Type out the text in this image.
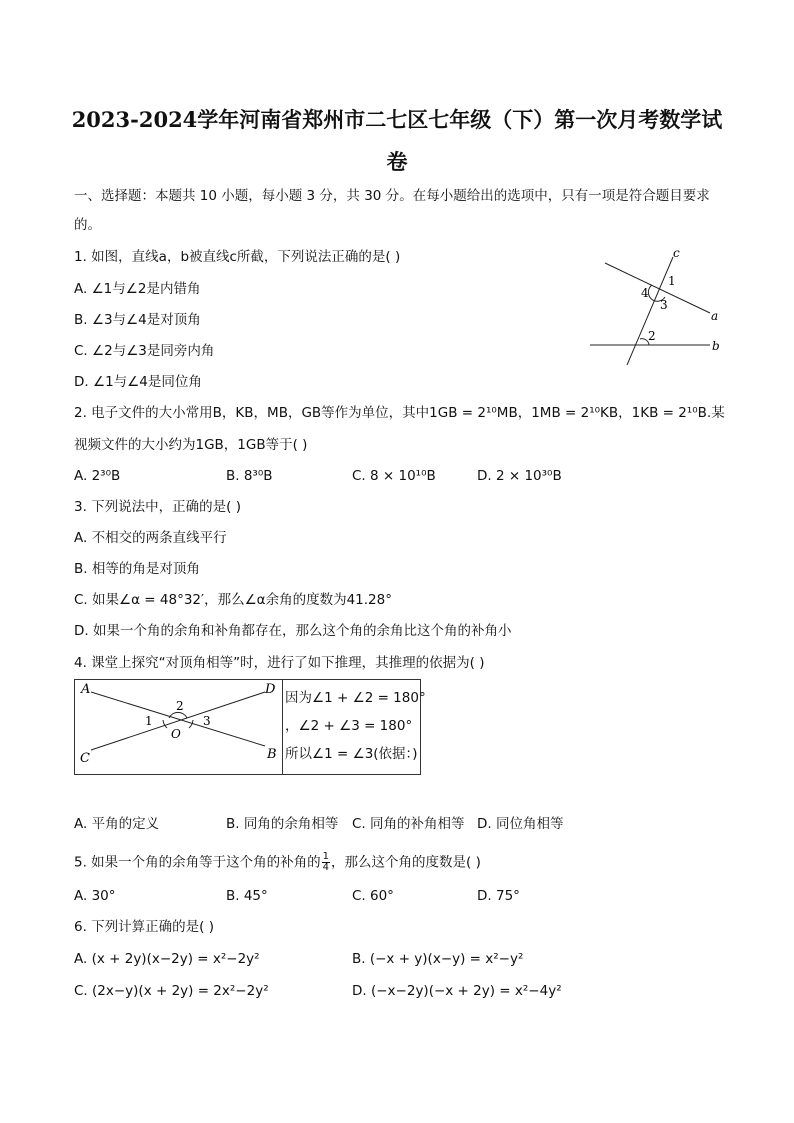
2023-2024学年河南省郑州市二七区七年级（下）第一次月考数学试
卷
一、选择题：本题共 10 小题，每小题 3 分，共 30 分。在每小题给出的选项中，只有一项是符合题目要求
的。
1. 如图，直线a，b被直线c所截，下列说法正确的是( )
A. ∠1与∠2是内错角
B. ∠3与∠4是对顶角
C. ∠2与∠3是同旁内角
D. ∠1与∠4是同位角
c
1
4
3
a
2
b
2. 电子文件的大小常用B，KB，MB，GB等作为单位，其中1GB = 2¹⁰MB，1MB = 2¹⁰KB，1KB = 2¹⁰B.某
视频文件的大小约为1GB，1GB等于( )
A. 2³⁰B	B. 8³⁰B	C. 8 × 10¹⁰B	D. 2 × 10³⁰B
3. 下列说法中，正确的是( )
A. 不相交的两条直线平行
B. 相等的角是对顶角
C. 如果∠α = 48°32′，那么∠α余角的度数为41.28°
D. 如果一个角的余角和补角都存在，那么这个角的余角比这个角的补角小
4. 课堂上探究“对顶角相等”时，进行了如下推理，其推理的依据为( )
A	D
2
1	3
O
C	B
因为∠1 + ∠2 = 180°
，∠2 + ∠3 = 180°
所以∠1 = ∠3(依据：)
A. 平角的定义	B. 同角的余角相等 C. 同角的补角相等 D. 同位角相等
5. 如果一个角的余角等于这个角的补角的 $\frac{1}{4}$ ，那么这个角的度数是( )
A. 30°	B. 45°	C. 60°	D. 75°
6. 下列计算正确的是( )
A. (x + 2y)(x−2y) = x²−2y²	B. (−x + y)(x−y) = x²−y²
C. (2x−y)(x + 2y) = 2x²−2y²	D. (−x−2y)(−x + 2y) = x²−4y²
